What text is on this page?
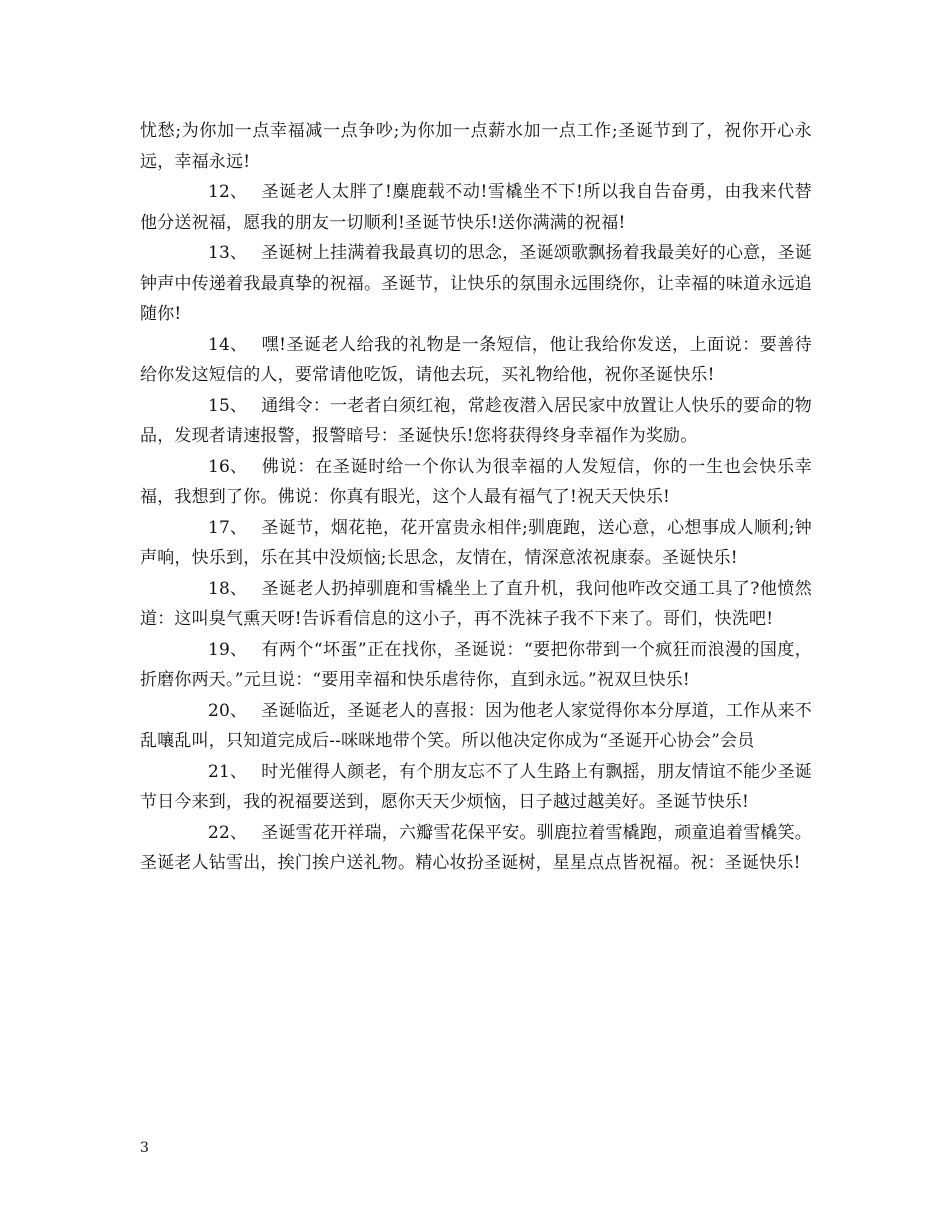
忧愁;为你加一点幸福减一点争吵;为你加一点薪水加一点工作;圣诞节到了，祝你开心永远，幸福永远!

12、 圣诞老人太胖了!麋鹿载不动!雪橇坐不下!所以我自告奋勇，由我来代替他分送祝福，愿我的朋友一切顺利!圣诞节快乐!送你满满的祝福!

13、 圣诞树上挂满着我最真切的思念，圣诞颂歌飘扬着我最美好的心意，圣诞钟声中传递着我最真挚的祝福。圣诞节，让快乐的氛围永远围绕你，让幸福的味道永远追随你!

14、 嘿!圣诞老人给我的礼物是一条短信，他让我给你发送，上面说：要善待给你发这短信的人，要常请他吃饭，请他去玩，买礼物给他，祝你圣诞快乐!

15、 通缉令：一老者白须红袍，常趁夜潜入居民家中放置让人快乐的要命的物品，发现者请速报警，报警暗号：圣诞快乐!您将获得终身幸福作为奖励。

16、 佛说：在圣诞时给一个你认为很幸福的人发短信，你的一生也会快乐幸福，我想到了你。佛说：你真有眼光，这个人最有福气了!祝天天快乐!

17、 圣诞节，烟花艳，花开富贵永相伴;驯鹿跑，送心意，心想事成人顺利;钟声响，快乐到，乐在其中没烦恼;长思念，友情在，情深意浓祝康泰。圣诞快乐!

18、 圣诞老人扔掉驯鹿和雪橇坐上了直升机，我问他咋改交通工具了?他愤然道：这叫臭气熏天呀!告诉看信息的这小子，再不洗袜子我不下来了。哥们，快洗吧!

19、 有两个“坏蛋”正在找你，圣诞说：“要把你带到一个疯狂而浪漫的国度，折磨你两天。”元旦说：“要用幸福和快乐虐待你，直到永远。”祝双旦快乐!

20、 圣诞临近，圣诞老人的喜报：因为他老人家觉得你本分厚道，工作从来不乱嚷乱叫，只知道完成后--咪咪地带个笑。所以他决定你成为“圣诞开心协会”会员

21、 时光催得人颜老，有个朋友忘不了人生路上有飘摇，朋友情谊不能少圣诞节日今来到，我的祝福要送到，愿你天天少烦恼，日子越过越美好。圣诞节快乐!

22、 圣诞雪花开祥瑞，六瓣雪花保平安。驯鹿拉着雪橇跑，顽童追着雪橇笑。圣诞老人钻雪出，挨门挨户送礼物。精心妆扮圣诞树，星星点点皆祝福。祝：圣诞快乐!

3
